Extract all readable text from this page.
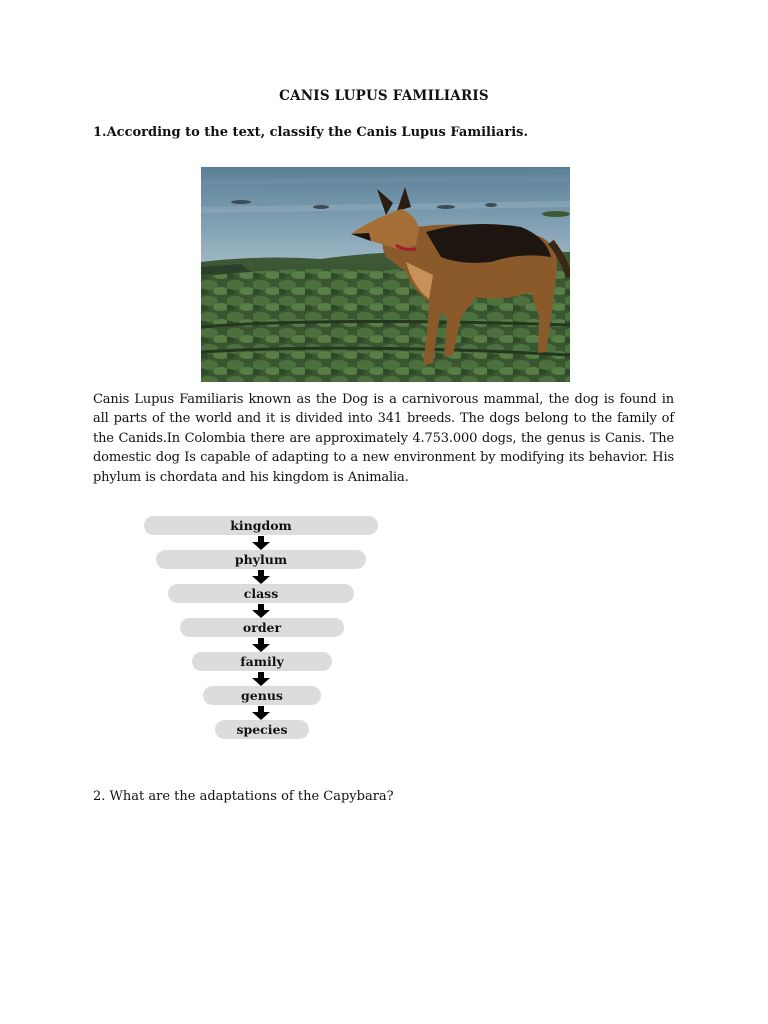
CANIS LUPUS FAMILIARIS
1.According to the text, classify the Canis Lupus Familiaris.
Canis Lupus Familiaris known as the Dog is a carnivorous mammal, the dog is found in all parts of the world and it is divided into 341 breeds. The dogs belong to the family of the Canids.In Colombia there are approximately 4.753.000 dogs, the genus is Canis. The domestic dog Is capable of adapting to a new environment by modifying its behavior. His phylum is chordata and his kingdom is Animalia.
kingdom
phylum
class
order
family
genus
species
2. What are the adaptations of the Capybara?
